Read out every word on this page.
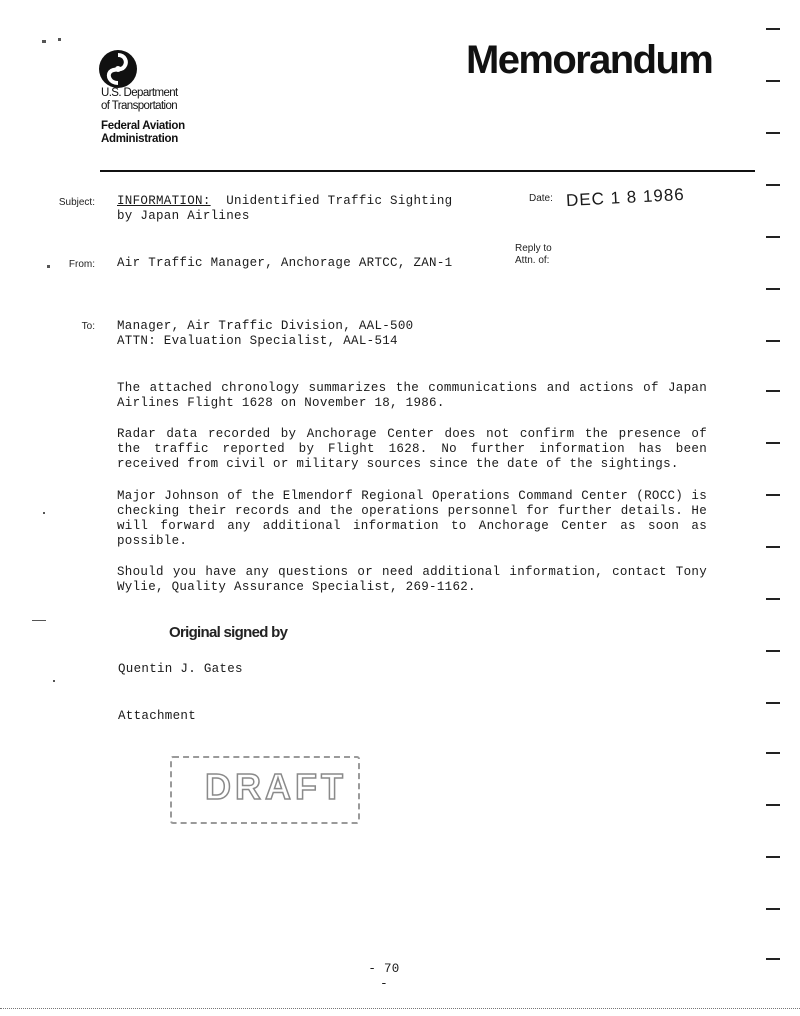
U.S. Department
of Transportation
Federal Aviation
Administration
Memorandum
Subject: INFORMATION: Unidentified Traffic Sighting
by Japan Airlines
Date: DEC 1 8 1986
Reply to
Attn. of:
From: Air Traffic Manager, Anchorage ARTCC, ZAN-1
To: Manager, Air Traffic Division, AAL-500
ATTN: Evaluation Specialist, AAL-514
The attached chronology summarizes the communications and actions of Japan Airlines Flight 1628 on November 18, 1986.
Radar data recorded by Anchorage Center does not confirm the presence of the traffic reported by Flight 1628. No further information has been received from civil or military sources since the date of the sightings.
Major Johnson of the Elmendorf Regional Operations Command Center (ROCC) is checking their records and the operations personnel for further details. He will forward any additional information to Anchorage Center as soon as possible.
Should you have any questions or need additional information, contact Tony Wylie, Quality Assurance Specialist, 269-1162.
Original signed by
Quentin J. Gates
Attachment
DRAFT
- 70 -
